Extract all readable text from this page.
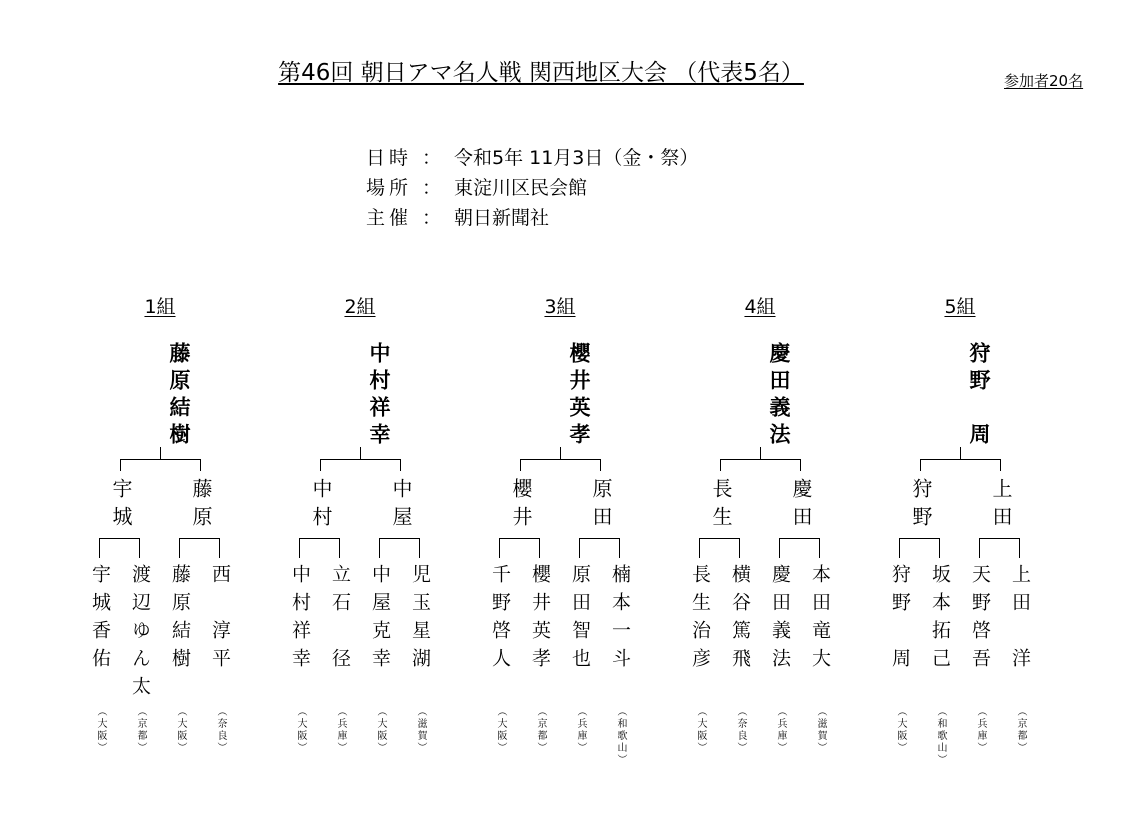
第46回 朝日アマ名人戦 関西地区大会 （代表5名）	参加者20名
日時 ： 令和5年 11月3日（金・祭）
場所 ： 東淀川区民会館
主催 ： 朝日新聞社
1組
藤原結樹
宇城	藤原
宇城香佑 渡辺ゆん太 藤原結樹 西　淳平
（大阪）	（京都）	（大阪）	（奈良）
2組
中村祥幸
中村	中屋
中村祥幸 立石　径 中屋克幸 児玉星湖
（大阪）	（兵庫）	（大阪）	（滋賀）
3組
櫻井英孝
櫻井	原田
千野啓人 櫻井英孝 原田智也 楠本一斗
（大阪）	（京都）	（兵庫）	（和歌山）
4組
慶田義法
長生	慶田
長生治彦 横谷篤飛 慶田義法 本田竜大
（大阪）	（奈良）	（兵庫）	（滋賀）
5組
狩野　周
狩野	上田
狩野　周 坂本拓己 天野啓吾 上田　洋
（大阪）	（和歌山）	（兵庫）	（京都）
